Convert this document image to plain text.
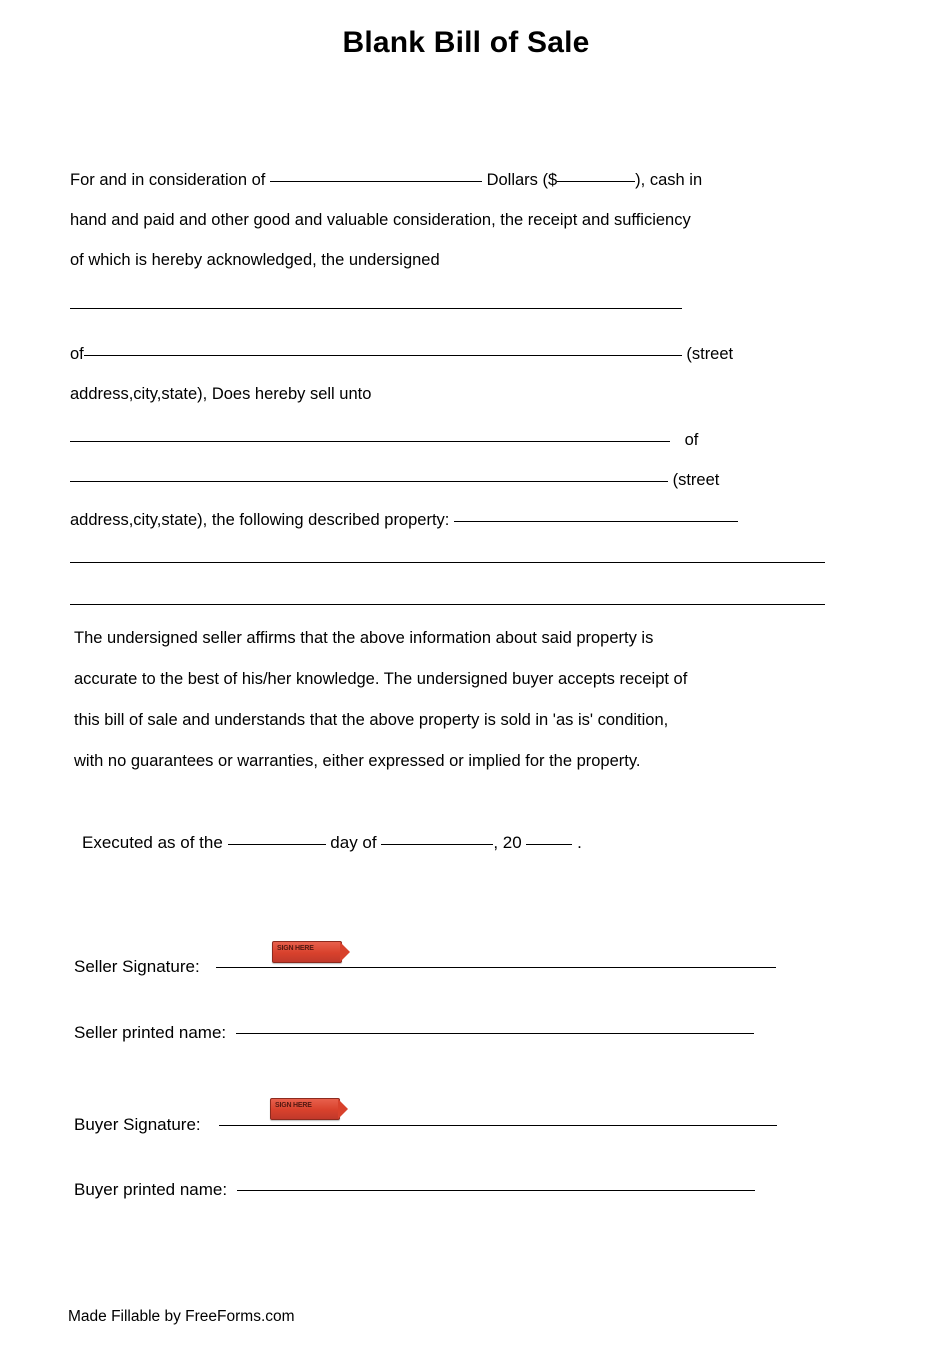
Blank Bill of Sale
For and in consideration of	Dollars ($	), cash in
hand and paid and other good and valuable consideration, the receipt and sufficiency
of which is hereby acknowledged, the undersigned
of	(street
address,city,state), Does hereby sell unto
of
(street
address,city,state), the following described property:
The undersigned seller affirms that the above information about said property is
accurate to the best of his/her knowledge. The undersigned buyer accepts receipt of
this bill of sale and understands that the above property is sold in 'as is' condition,
with no guarantees or warranties, either expressed or implied for the property.
Executed as of the	day of	, 20	.
Seller Signature:
SIGN HERE
Seller printed name:
Buyer Signature:
SIGN HERE
Buyer printed name:
Made Fillable by FreeForms.com
